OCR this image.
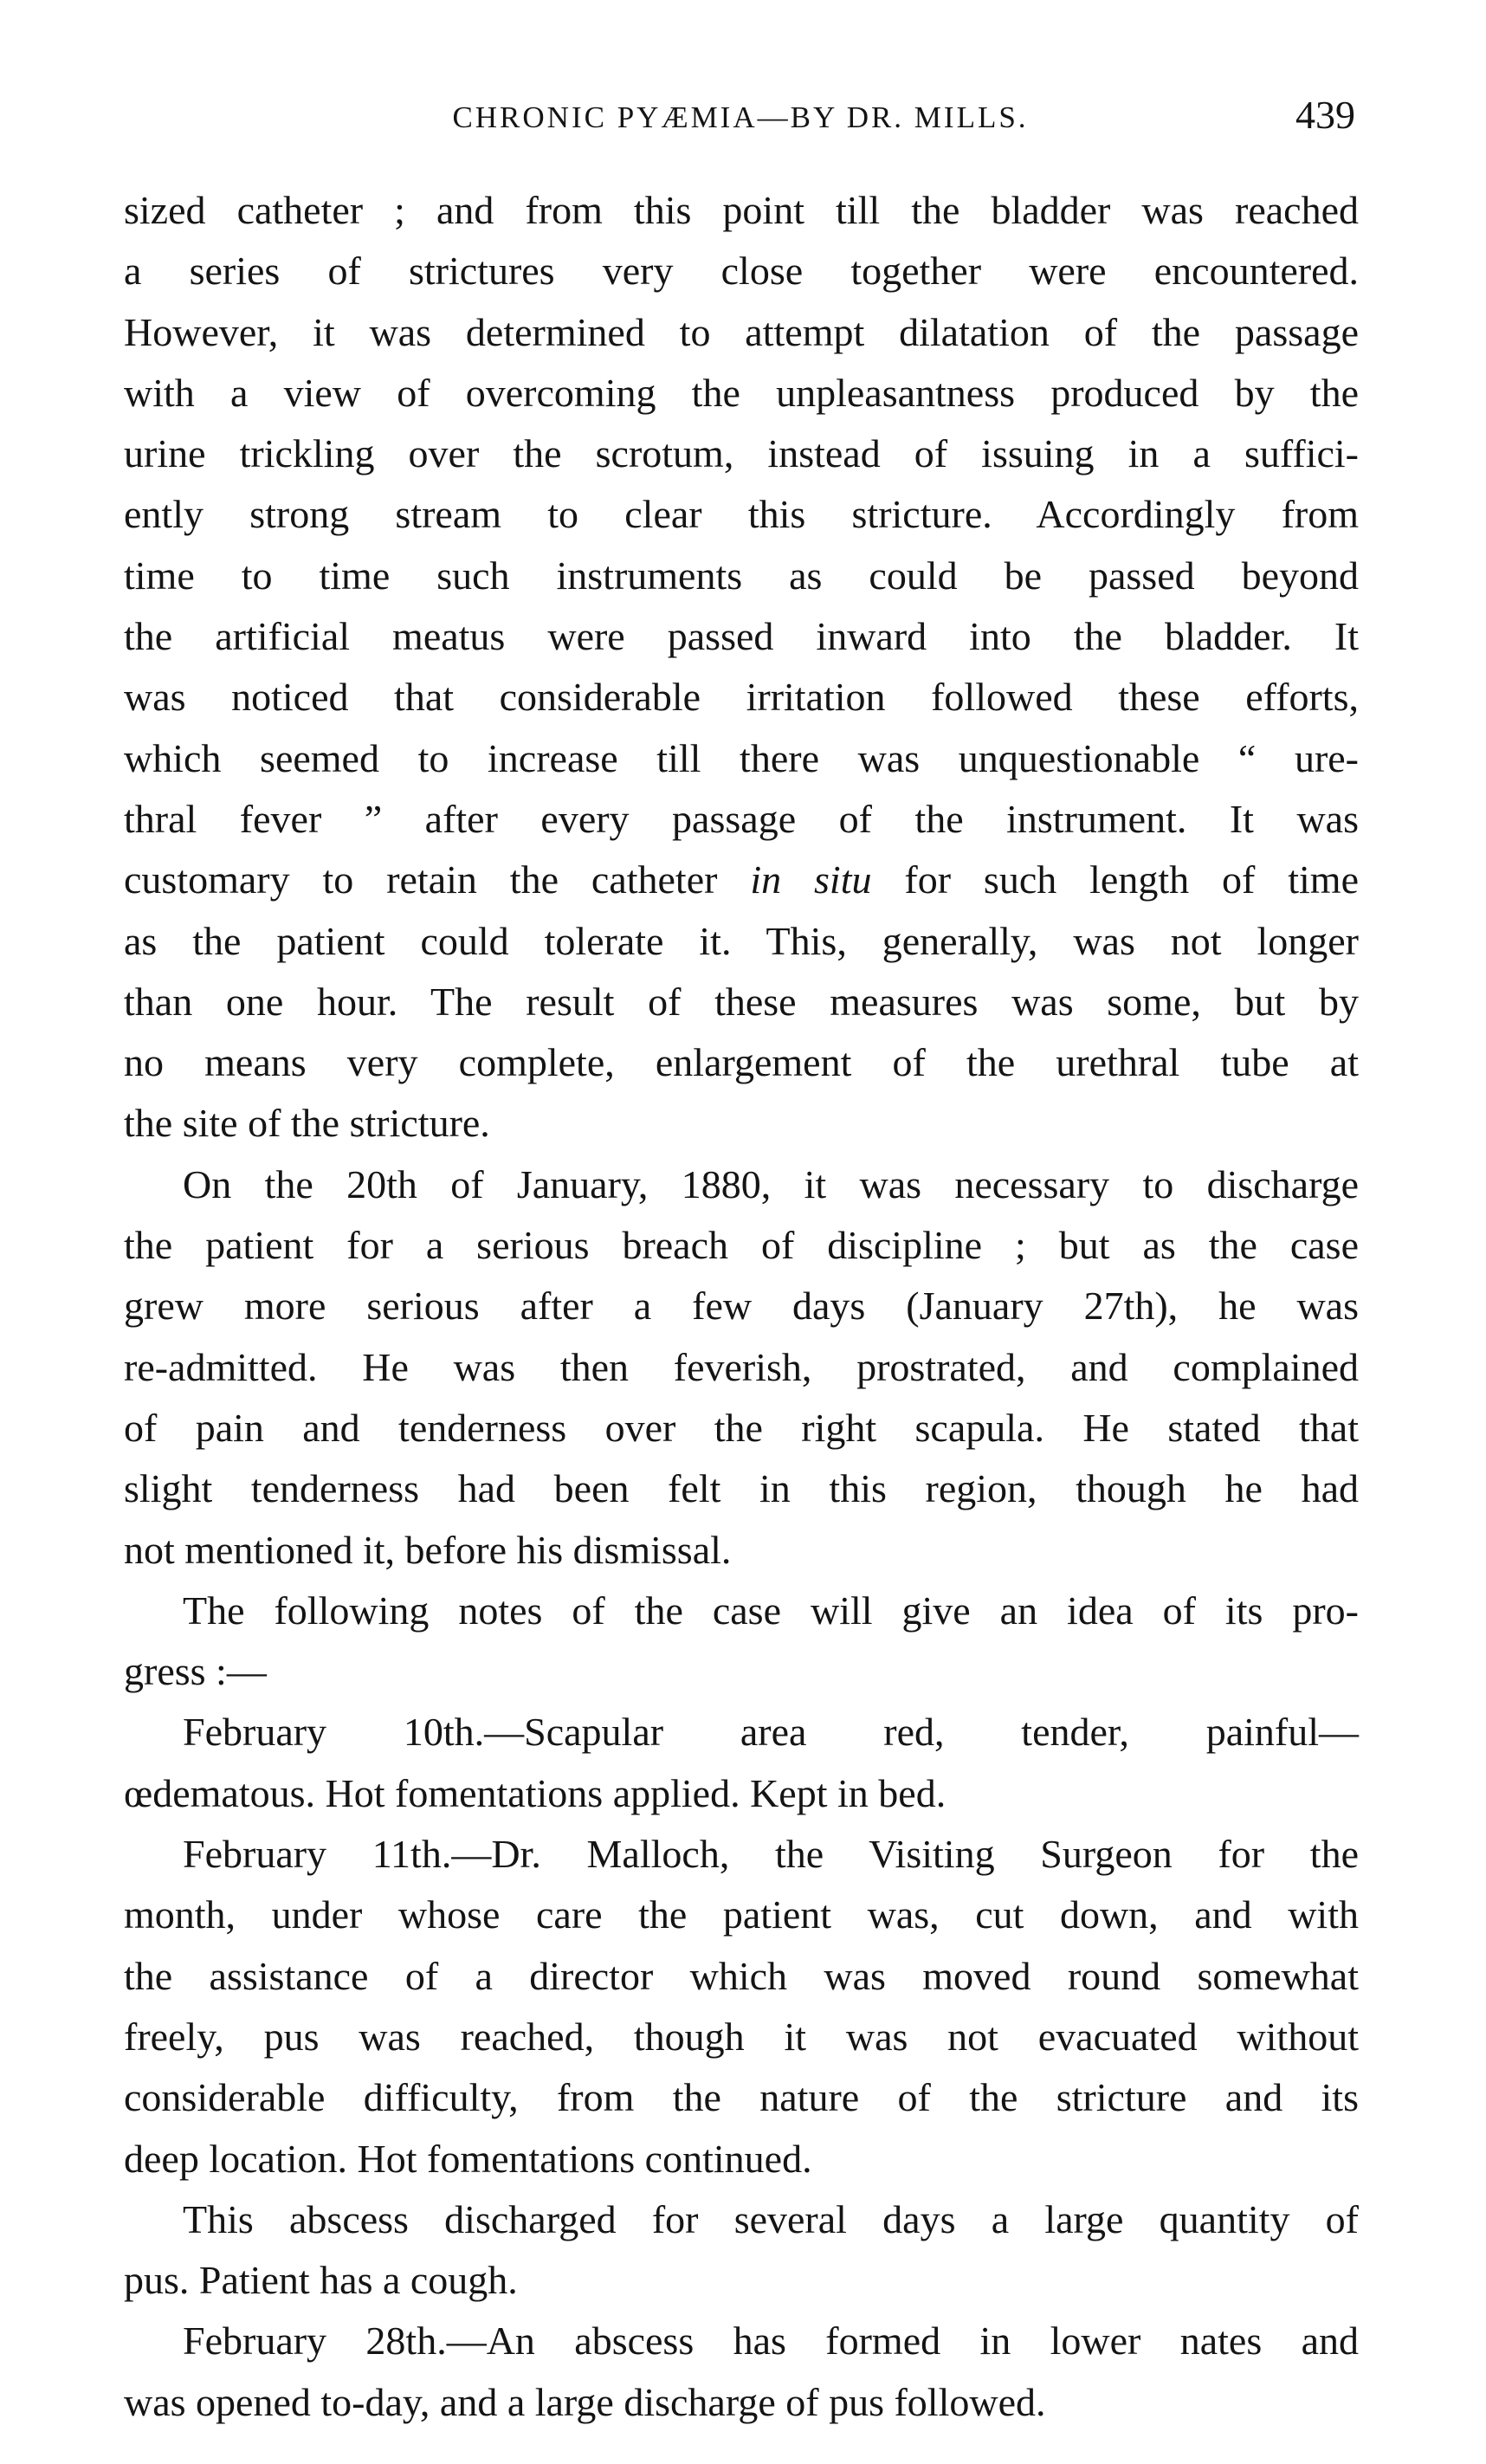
CHRONIC PYÆMIA—BY DR. MILLS.	439
sized catheter ; and from this point till the bladder was reached
a series of strictures very close together were encountered.
However, it was determined to attempt dilatation of the passage
with a view of overcoming the unpleasantness produced by the
urine trickling over the scrotum, instead of issuing in a suffici-
ently strong stream to clear this stricture. Accordingly from
time to time such instruments as could be passed beyond
the artificial meatus were passed inward into the bladder. It
was noticed that considerable irritation followed these efforts,
which seemed to increase till there was unquestionable “ ure-
thral fever ” after every passage of the instrument. It was
customary to retain the catheter in situ for such length of time
as the patient could tolerate it. This, generally, was not longer
than one hour. The result of these measures was some, but by
no means very complete, enlargement of the urethral tube at
the site of the stricture.
On the 20th of January, 1880, it was necessary to discharge
the patient for a serious breach of discipline ; but as the case
grew more serious after a few days (January 27th), he was
re-admitted. He was then feverish, prostrated, and complained
of pain and tenderness over the right scapula. He stated that
slight tenderness had been felt in this region, though he had
not mentioned it, before his dismissal.
The following notes of the case will give an idea of its pro-
gress :—
February 10th.—Scapular area red, tender, painful—
œdematous. Hot fomentations applied. Kept in bed.
February 11th.—Dr. Malloch, the Visiting Surgeon for the
month, under whose care the patient was, cut down, and with
the assistance of a director which was moved round somewhat
freely, pus was reached, though it was not evacuated without
considerable difficulty, from the nature of the stricture and its
deep location. Hot fomentations continued.
This abscess discharged for several days a large quantity of
pus. Patient has a cough.
February 28th.—An abscess has formed in lower nates and
was opened to-day, and a large discharge of pus followed.
